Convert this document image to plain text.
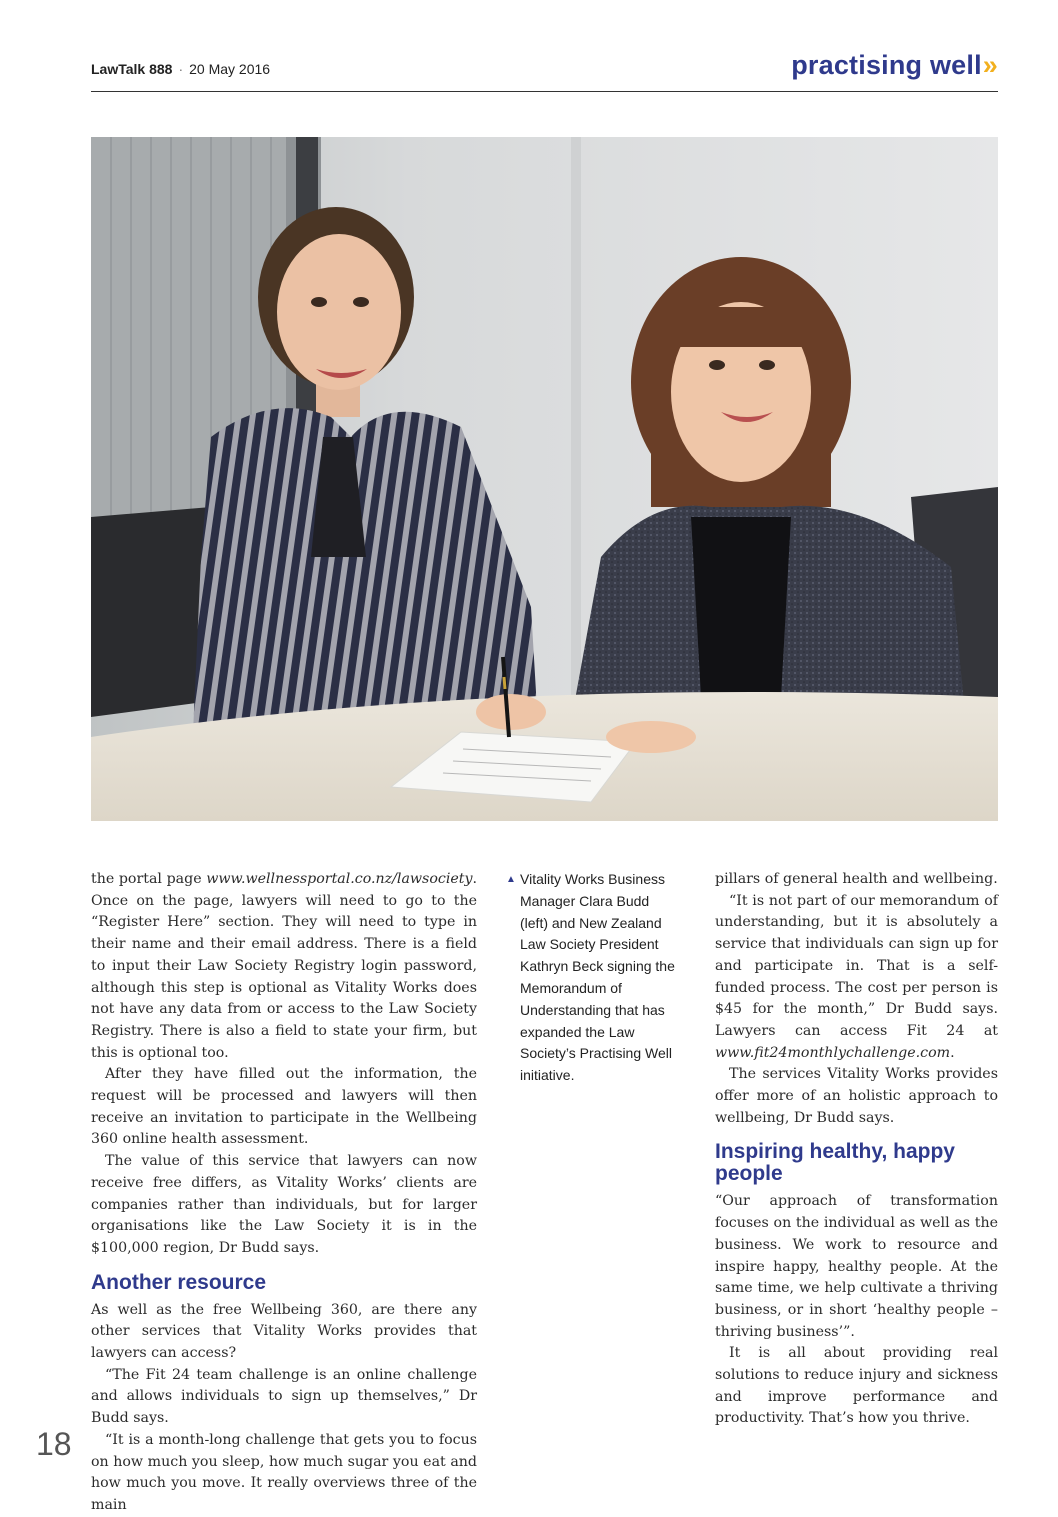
LawTalk 888 · 20 May 2016	practising well»

the portal page www.wellnessportal.co.nz/lawsociety. Once on the page, lawyers will need to go to the “Register Here” section. They will need to type in their name and their email address. There is a field to input their Law Society Registry login password, although this step is optional as Vitality Works does not have any data from or access to the Law Society Registry. There is also a field to state your firm, but this is optional too.

After they have filled out the information, the request will be processed and lawyers will then receive an invitation to participate in the Wellbeing 360 online health assessment.

The value of this service that lawyers can now receive free differs, as Vitality Works’ clients are companies rather than individuals, but for larger organisations like the Law Society it is in the $100,000 region, Dr Budd says.

Another resource

As well as the free Wellbeing 360, are there any other services that Vitality Works provides that lawyers can access?

“The Fit 24 team challenge is an online challenge and allows individuals to sign up themselves,” Dr Budd says.

“It is a month-long challenge that gets you to focus on how much you sleep, how much sugar you eat and how much you move. It really overviews three of the main

▲ Vitality Works Business Manager Clara Budd (left) and New Zealand Law Society President Kathryn Beck signing the Memorandum of Understanding that has expanded the Law Society’s Practising Well initiative.

pillars of general health and wellbeing.

“It is not part of our memorandum of understanding, but it is absolutely a service that individuals can sign up for and participate in. That is a self-funded process. The cost per person is $45 for the month,” Dr Budd says. Lawyers can access Fit 24 at www.fit24monthlychallenge.com.

The services Vitality Works provides offer more of an holistic approach to wellbeing, Dr Budd says.

Inspiring healthy, happy people

“Our approach of transformation focuses on the individual as well as the business. We work to resource and inspire happy, healthy people. At the same time, we help cultivate a thriving business, or in short ‘healthy people – thriving business’”.

It is all about providing real solutions to reduce injury and sickness and improve performance and productivity. That’s how you thrive.

18
